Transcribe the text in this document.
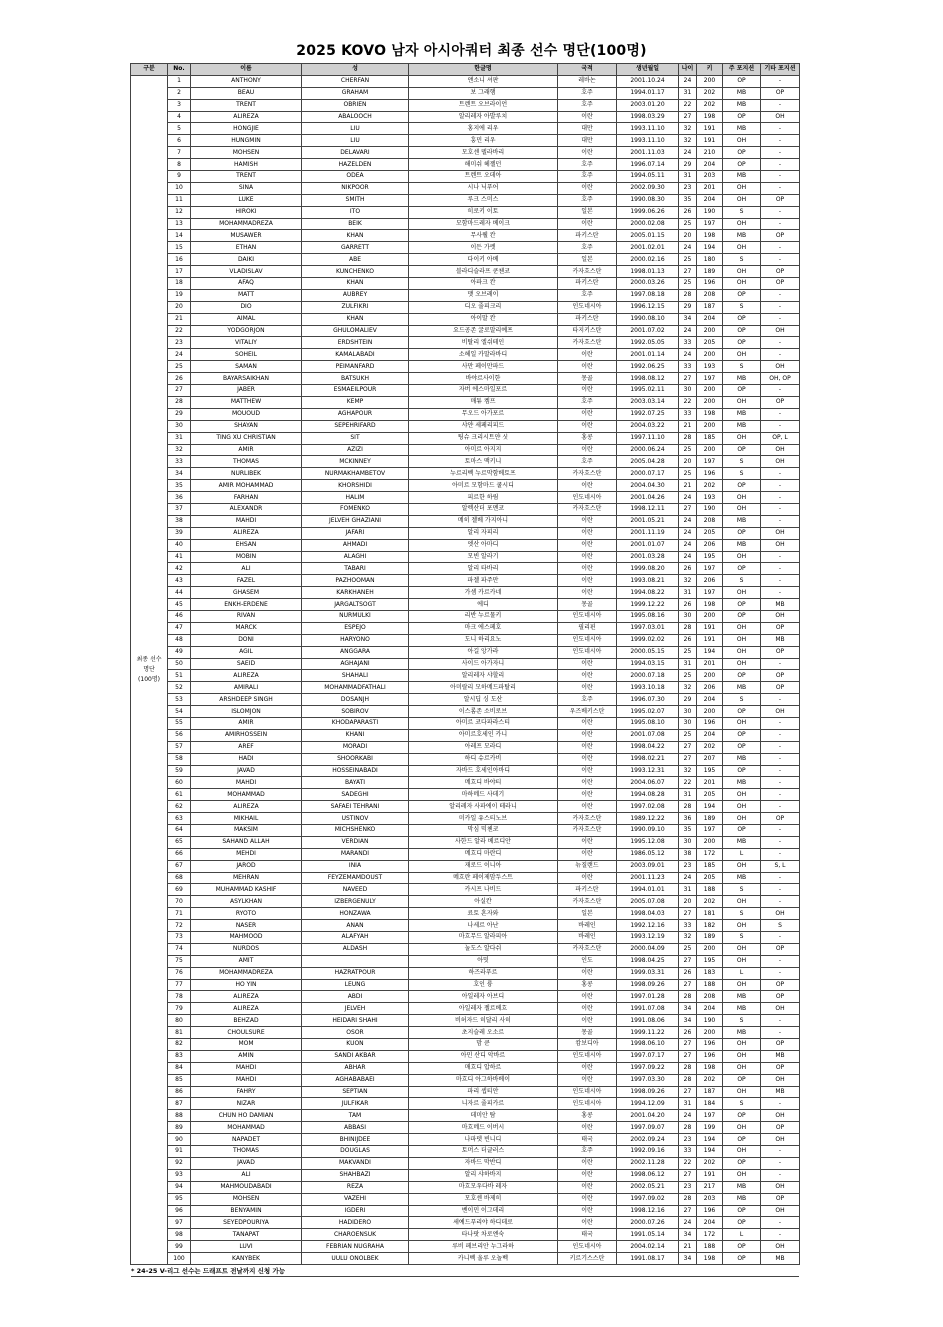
2025 KOVO 남자 아시아쿼터 최종 선수 명단(100명)
구분	No.	이름	성	한글명	국적	생년월일	나이	키	주 포지션	기타 포지션
최종 선수
명단
(100명)	1	ANTHONY	CHERFAN	앤소니 셔판	레바논	2001.10.24	24	200	OP	-
	2	BEAU	GRAHAM	보 그래햄	호주	1994.01.17	31	202	MB	OP
	3	TRENT	OBRIEN	트렌트 오브라이언	호주	2003.01.20	22	202	MB	-
	4	ALIREZA	ABALOOCH	알리레자 아발루치	이란	1998.03.29	27	198	OP	OH
	5	HONGJIE	LIU	홍지에 리우	대만	1993.11.10	32	191	MB	-
	6	HUNGMIN	LIU	훙민 리우	대만	1993.11.10	32	191	OH	-
	7	MOHSEN	DELAVARI	모호센 델라바리	이란	2001.11.03	24	210	OP	-
	8	HAMISH	HAZELDEN	해미쉬 헤젤던	호주	1996.07.14	29	204	OP	-
	9	TRENT	ODEA	트렌트 오데아	호주	1994.05.11	31	203	MB	-
	10	SINA	NIKPOOR	시나 닉푸어	이란	2002.09.30	23	201	OH	-
	11	LUKE	SMITH	루크 스미스	호주	1990.08.30	35	204	OH	OP
	12	HIROKI	ITO	히로키 이토	일본	1999.06.26	26	190	S	-
	13	MOHAMMADREZA	BEIK	모함마드레자 베이크	이란	2000.02.08	25	197	OH	-
	14	MUSAWER	KHAN	무사웰 칸	파키스탄	2005.01.15	20	198	MB	OP
	15	ETHAN	GARRETT	이든 가렛	호주	2001.02.01	24	194	OH	-
	16	DAIKI	ABE	다이키 아베	일본	2000.02.16	25	180	S	-
	17	VLADISLAV	KUNCHENKO	블라디슬라프 쿤첸코	카자흐스탄	1998.01.13	27	189	OH	OP
	18	AFAQ	KHAN	아파크 칸	파키스탄	2000.03.26	25	196	OH	OP
	19	MATT	AUBREY	맷 오브레이	호주	1997.08.18	28	208	OP	-
	20	DIO	ZULFIKRI	디오 줄피크리	인도네시아	1996.12.15	29	187	S	-
	21	AIMAL	KHAN	아이말 칸	파키스탄	1990.08.10	34	204	OP	-
	22	YODGORJON	GHULOMALIEV	요드공존 굴로말리예프	타지키스탄	2001.07.02	24	200	OP	OH
	23	VITALIY	ERDSHTEIN	비탈리 엘쉬테인	카자흐스탄	1992.05.05	33	205	OP	-
	24	SOHEIL	KAMALABADI	소헤일 카말라바디	이란	2001.01.14	24	200	OH	-
	25	SAMAN	PEIMANFARD	사만 페이만파드	이란	1992.06.25	33	193	S	OH
	26	BAYARSAIKHAN	BATSUKH	바야르사이한	몽골	1998.08.12	27	197	MB	OH, OP
	27	JABER	ESMAEILPOUR	자버 에스마일포르	이란	1995.02.11	30	200	OP	-
	28	MATTHEW	KEMP	매튜 켐프	호주	2003.03.14	22	200	OH	OP
	29	MOUOUD	AGHAPOUR	무오드 아가포르	이란	1992.07.25	33	198	MB	-
	30	SHAYAN	SEPEHRIFARD	샤얀 세페리피드	이란	2004.03.22	21	200	MB	-
	31	TING XU CHRISTIAN	SIT	팅슈 크리시트얀 싯	홍콩	1997.11.10	28	185	OH	OP, L
	32	AMIR	AZIZI	아미르 아지지	이란	2000.06.24	25	200	OP	OH
	33	THOMAS	MCKINNEY	토마스 맥키니	호주	2005.04.28	20	197	S	OH
	34	NURLIBEK	NURMAKHAMBETOV	누르리벡 누르막함베토프	카자흐스탄	2000.07.17	25	196	S	-
	35	AMIR MOHAMMAD	KHORSHIDI	아미르 모함마드 쿨시디	이란	2004.04.30	21	202	OP	-
	36	FARHAN	HALIM	피르한 하림	인도네시아	2001.04.26	24	193	OH	-
	37	ALEXANDR	FOMENKO	알렉산더 포멘코	카자흐스탄	1998.12.11	27	190	OH	-
	38	MAHDI	JELVEH GHAZIANI	메히 젤베 가지아니	이란	2001.05.21	24	208	MB	-
	39	ALIREZA	JAFARI	알리 자피리	이란	2001.11.19	24	205	OP	OH
	40	EHSAN	AHMADI	엣산 아마디	이란	2001.01.07	24	206	MB	OH
	41	MOBIN	ALAGHI	모빈 알라기	이란	2001.03.28	24	195	OH	-
	42	ALI	TABARI	알리 타바리	이란	1999.08.20	26	197	OP	-
	43	FAZEL	PAZHOOMAN	파젤 파주만	이란	1993.08.21	32	206	S	-
	44	GHASEM	KARKHANEH	가셈 카르카네	이란	1994.08.22	31	197	OH	-
	45	ENKH-ERDENE	JARGALTSOGT	에디	몽골	1999.12.22	26	198	OP	MB
	46	RIVAN	NURMULKI	리반 누르물키	인도네시아	1995.08.16	30	200	OP	OH
	47	MARCK	ESPEJO	마크 에스페호	필리핀	1997.03.01	28	191	OH	OP
	48	DONI	HARYONO	도니 하리요노	인도네시아	1999.02.02	26	191	OH	MB
	49	AGIL	ANGGARA	아길 앙가라	인도네시아	2000.05.15	25	194	OH	OP
	50	SAEID	AGHAJANI	사이드 아가자니	이란	1994.03.15	31	201	OH	-
	51	ALIREZA	SHAHALI	알리레자 샤할리	이란	2000.07.18	25	200	OP	OP
	52	AMIRALI	MOHAMMADFATHALI	아미랄리 모하메드파탈리	이란	1993.10.18	32	206	MB	OP
	53	ARSHDEEP SINGH	DOSANJH	알시딥 싱 도산	호주	1996.07.30	29	204	S	-
	54	ISLOMJON	SOBIROV	이스롬존 소비로브	우즈베키스탄	1995.02.07	30	200	OP	OH
	55	AMIR	KHODAPARASTI	아미르 코다파라스티	이란	1995.08.10	30	196	OH	-
	56	AMIRHOSSEIN	KHANI	아미르호세인 카니	이란	2001.07.08	25	204	OP	-
	57	AREF	MORADI	아레프 모라디	이란	1998.04.22	27	202	OP	-
	58	HADI	SHOORKABI	하디 슈르카비	이란	1998.02.21	27	207	MB	-
	59	JAVAD	HOSSEINABADI	자바드 호세인아바디	이란	1993.12.31	32	195	OP	-
	60	MAHDI	BAYATI	메흐디 바야티	이란	2004.06.07	22	201	MB	-
	61	MOHAMMAD	SADEGHI	마하메드 사데기	이란	1994.08.28	31	205	OH	-
	62	ALIREZA	SAFAEI TEHRANI	알리레자 사파에이 테라니	이란	1997.02.08	28	194	OH	-
	63	MIKHAIL	USTINOV	미카일 유스티노브	카자흐스탄	1989.12.22	36	189	OH	OP
	64	MAKSIM	MICHSHENKO	막심 믹첸코	카자흐스탄	1990.09.10	35	197	OP	-
	65	SAHAND ALLAH	VERDIAN	사한드 알라 베르디안	이란	1995.12.08	30	200	MB	-
	66	MEHDI	MARANDI	메흐디 마란디	이란	1986.05.12	38	172	L	-
	67	JAROD	INIA	재로드 이니아	뉴질랜드	2003.09.01	23	185	OH	S, L
	68	MEHRAN	FEYZEMAMDOUST	메흐란 페이제맘두스트	이란	2001.11.23	24	205	MB	-
	69	MUHAMMAD KASHIF	NAVEED	카시프 나비드	파키스탄	1994.01.01	31	188	S	-
	70	ASYLKHAN	IZBERGENULY	아실칸	카자흐스탄	2005.07.08	20	202	OH	-
	71	RYOTO	HONZAWA	료토 혼자와	일본	1998.04.03	27	181	S	OH
	72	NASER	ANAN	나세르 아난	바레인	1992.12.16	33	182	OH	S
	73	MAHMOOD	ALAFYAH	마흐무드 알라피아	바레인	1993.12.19	32	189	S	-
	74	NURDOS	ALDASH	눌도스 알다쉬	카자흐스탄	2000.04.09	25	200	OH	OP
	75	AMIT		아밋	인도	1998.04.25	27	195	OH	-
	76	MOHAMMADREZA	HAZRATPOUR	하즈라푸르	이란	1999.03.31	26	183	L	-
	77	HO YIN	LEUNG	호인 륭	홍콩	1998.09.26	27	188	OH	OP
	78	ALIREZA	ABDI	아일레자 아브디	이란	1997.01.28	28	208	MB	OP
	79	ALIREZA	JELVEH	아일레자 젤르베흐	이란	1991.07.08	34	204	MB	OH
	80	BEHZAD	HEIDARI SHAHI	비허자드 히달리 사히	이란	1991.08.06	34	190	S	-
	81	CHOULSURE	OSOR	초지슬레 오소르	몽골	1999.11.22	26	200	MB	-
	82	MOM	KUON	맘 쿤	캄보디아	1998.06.10	27	196	OH	OP
	83	AMIN	SANDI AKBAR	아민 산디 악바르	인도네시아	1997.07.17	27	196	OH	MB
	84	MAHDI	ABHAR	매흐디 압하르	이란	1997.09.22	28	198	OH	OP
	85	MAHDI	AGHABABAEI	마흐디 아그하바베이	이란	1997.03.30	28	202	OP	OH
	86	FAHRY	SEPTIAN	파리 셉티안	인도네시아	1998.09.26	27	187	OH	MB
	87	NIZAR	JULFIKAR	니자르 줄피카르	인도네시아	1994.12.09	31	184	S	-
	88	CHUN HO DAMIAN	TAM	데미안 탐	홍콩	2001.04.20	24	197	OP	OH
	89	MOHAMMAD	ABBASI	마흐메드 이버시	이란	1997.09.07	28	199	OH	OP
	90	NAPADET	BHINIJDEE	나파뎃 빈니디	태국	2002.09.24	23	194	OP	OH
	91	THOMAS	DOUGLAS	토머스 더글러스	호주	1992.09.16	33	194	OH	-
	92	JAVAD	MAKVANDI	자바드 막반디	이란	2002.11.28	22	202	OP	-
	93	ALI	SHAHBAZI	알리 샤하바지	이란	1998.06.12	27	191	OH	-
	94	MAHMOUDABADI	REZA	마흐모우다바 레자	이란	2002.05.21	23	217	MB	OH
	95	MOHSEN	VAZEHI	모호센 바제히	이란	1997.09.02	28	203	MB	OP
	96	BENYAMIN	IGDERI	벤이민 이그데리	이란	1998.12.16	27	196	OP	OH
	97	SEYEDPOURIYA	HADIDERO	세예드푸리야 하디데로	이란	2000.07.26	24	204	OP	-
	98	TANAPAT	CHAROENSUK	타나팟 차로엔숙	태국	1991.05.14	34	172	L	-
	99	LUVI	FEBRIAN NUGRAHA	루비 페브리안 누그라하	인도네시아	2004.02.14	21	188	OP	OH
	100	KANYBEK	UULU ONOLBEK	카니벡 울루 오놀벡	키르기스스탄	1991.08.17	34	198	OP	MB
* 24-25 V-리그 선수는 드래프트 전날까지 신청 가능
